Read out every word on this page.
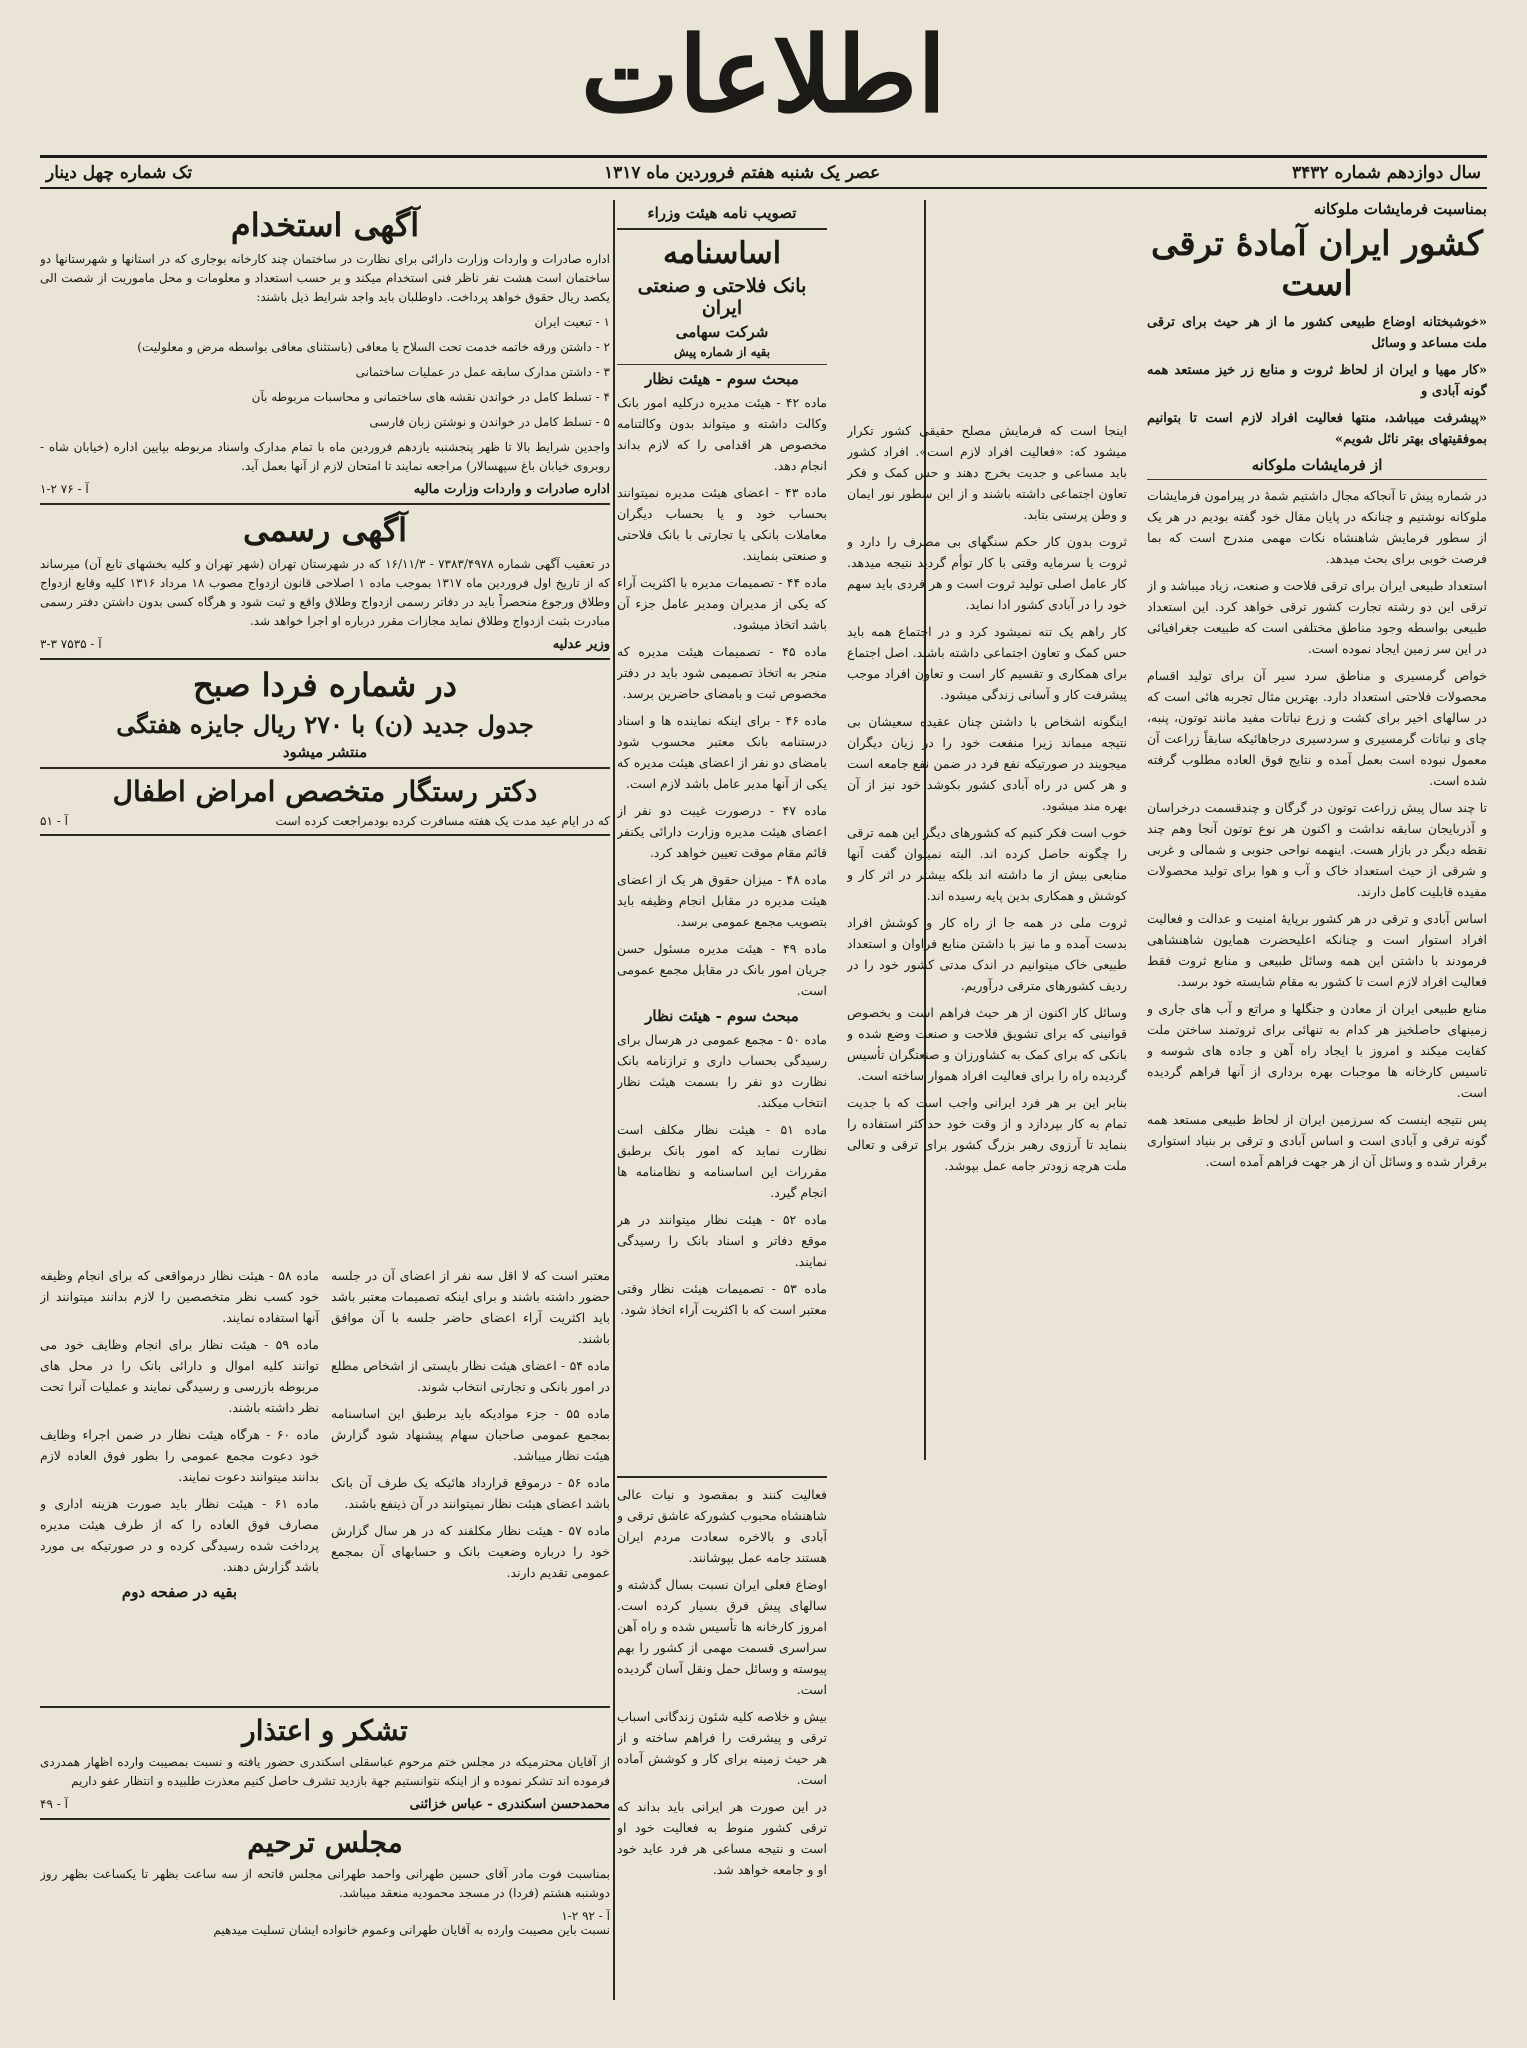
اطلاعات
سال دوازدهم شماره ۳۴۳۲
عصر یک شنبه هفتم فروردین ماه ۱۳۱۷
تک شماره چهل دینار
بمناسبت فرمایشات ملوکانه
کشور ایران آمادهٔ ترقی است

«خوشبختانه اوضاع طبیعی کشور ما از هر حیث برای ترقی ملت مساعد و وسائل

«کار مهیا و ایران از لحاظ ثروت و منابع زر خیز مستعد همه گونه آبادی و

«پیشرفت میباشد، منتها فعالیت افراد لازم است تا بتوانیم بموفقیتهای بهتر نائل شویم»

از فرمایشات ملوکانه

در شماره پیش تا آنجاکه مجال داشتیم شمهٔ در پیرامون فرمایشات ملوکانه نوشتیم و چنانکه در پایان مقال خود گفته بودیم در هر یک از سطور فرمایش شاهنشاه نکات مهمی مندرج است که بما فرصت خوبی برای بحث میدهد.

استعداد طبیعی ایران برای ترقی فلاحت و صنعت، زیاد میباشد و از ترقی این دو رشته تجارت کشور ترقی خواهد کرد. این استعداد طبیعی بواسطه وجود مناطق مختلفی است که طبیعت جغرافیائی در این سر زمین ایجاد نموده است.

خواص گرمسیری و مناطق سرد سیر آن برای تولید اقسام محصولات فلاحتی استعداد دارد. بهترین مثال تجربه هائی است که در سالهای اخیر برای کشت و زرع نباتات مفید مانند توتون، پنبه، چای و نباتات گرمسیری و سردسیری درجاهائیکه سابقاً زراعت آن معمول نبوده است بعمل آمده و نتایج فوق العاده مطلوب گرفته شده است.

تا چند سال پیش زراعت توتون در گرگان و چندقسمت درخراسان و آذربایجان سابقه نداشت و اکنون هر نوع توتون آنجا وهم چند نقطه دیگر در بازار هست. اینهمه نواحی جنوبی و شمالی و غربی و شرقی از حیث استعداد خاک و آب و هوا برای تولید محصولات مفیده قابلیت کامل دارند.

اساس آبادی و ترقی در هر کشور برپایهٔ امنیت و عدالت و فعالیت افراد استوار است و چنانکه اعلیحضرت همایون شاهنشاهی فرمودند با داشتن این همه وسائل طبیعی و منابع ثروت فقط فعالیت افراد لازم است تا کشور به مقام شایسته خود برسد.

منابع طبیعی ایران از معادن و جنگلها و مراتع و آب های جاری و زمینهای حاصلخیز هر کدام به تنهائی برای ثروتمند ساختن ملت کفایت میکند و امروز با ایجاد راه آهن و جاده های شوسه و تاسیس کارخانه ها موجبات بهره برداری از آنها فراهم گردیده است.

پس نتیجه اینست که سرزمین ایران از لحاظ طبیعی مستعد همه گونه ترقی و آبادی است و اساس آبادی و ترقی بر بنیاد استواری برقرار شده و وسائل آن از هر جهت فراهم آمده است.

اینجا است که فرمایش مصلح حقیقی کشور تکرار میشود که: «فعالیت افراد لازم است». افراد کشور باید مساعی و جدیت بخرج دهند و حس کمک و فکر تعاون اجتماعی داشته باشند و از این سطور نور ایمان و وطن پرستی بتابد.

ثروت بدون کار حکم سنگهای بی مصرف را دارد و ثروت یا سرمایه وقتی با کار توأم گردید نتیجه میدهد. کار عامل اصلی تولید ثروت است و هر فردی باید سهم خود را در آبادی کشور ادا نماید.

کار راهم یک تنه نمیشود کرد و در اجتماع همه باید حس کمک و تعاون اجتماعی داشته باشند. اصل اجتماع برای همکاری و تقسیم کار است و تعاون افراد موجب پیشرفت کار و آسانی زندگی میشود.

اینگونه اشخاص با داشتن چنان عقیده سعیشان بی نتیجه میماند زیرا منفعت خود را در زیان دیگران میجویند در صورتیکه نفع فرد در ضمن نفع جامعه است و هر کس در راه آبادی کشور بکوشد خود نیز از آن بهره مند میشود.

خوب است فکر کنیم که کشورهای دیگر این همه ترقی را چگونه حاصل کرده اند. البته نمیتوان گفت آنها منابعی بیش از ما داشته اند بلکه بیشتر در اثر کار و کوشش و همکاری بدین پایه رسیده اند.

ثروت ملی در همه جا از راه کار و کوشش افراد بدست آمده و ما نیز با داشتن منابع فراوان و استعداد طبیعی خاک میتوانیم در اندک مدتی کشور خود را در ردیف کشورهای مترقی درآوریم.

وسائل کار اکنون از هر حیث فراهم است و بخصوص قوانینی که برای تشویق فلاحت و صنعت وضع شده و بانکی که برای کمک به کشاورزان و صنعتگران تأسیس گردیده راه را برای فعالیت افراد هموار ساخته است.

بنابر این بر هر فرد ایرانی واجب است که با جدیت تمام به کار بپردازد و از وقت خود حداکثر استفاده را بنماید تا آرزوی رهبر بزرگ کشور برای ترقی و تعالی ملت هرچه زودتر جامه عمل بپوشد.

تصویب نامه هیئت وزراء
اساسنامه
بانک فلاحتی و صنعتی ایران
شرکت سهامی
بقیه از شماره پیش
مبحث سوم - هیئت نظار

ماده ۴۲ - هیئت مدیره درکلیه امور بانک وکالت داشته و میتواند بدون وکالتنامه مخصوص هر اقدامی را که لازم بداند انجام دهد.

ماده ۴۳ - اعضای هیئت مدیره نمیتوانند بحساب خود و یا بحساب دیگران معاملات بانکی یا تجارتی با بانک فلاحتی و صنعتی بنمایند.

ماده ۴۴ - تصمیمات مدیره با اکثریت آراء که یکی از مدیران ومدیر عامل جزء آن باشد اتخاذ میشود.

ماده ۴۵ - تصمیمات هیئت مدیره که منجر به اتخاذ تصمیمی شود باید در دفتر مخصوص ثبت و بامضای حاضرین برسد.

ماده ۴۶ - برای اینکه نماینده ها و اسناد درستنامه بانک معتبر محسوب شود بامضای دو نفر از اعضای هیئت مدیره که یکی از آنها مدیر عامل باشد لازم است.

ماده ۴۷ - درصورت غیبت دو نفر از اعضای هیئت مدیره وزارت دارائی یکنفر قائم مقام موقت تعیین خواهد کرد.

ماده ۴۸ - میزان حقوق هر یک از اعضای هیئت مدیره در مقابل انجام وظیفه باید بتصویب مجمع عمومی برسد.

ماده ۴۹ - هیئت مدیره مسئول حسن جریان امور بانک در مقابل مجمع عمومی است.

مبحث سوم - هیئت نظار

ماده ۵۰ - مجمع عمومی در هرسال برای رسیدگی بحساب داری و ترازنامه بانک نظارت دو نفر را بسمت هیئت نظار انتخاب میکند.

ماده ۵۱ - هیئت نظار مکلف است نظارت نماید که امور بانک برطبق مقررات این اساسنامه و نظامنامه ها انجام گیرد.

ماده ۵۲ - هیئت نظار میتوانند در هر موقع دفاتر و اسناد بانک را رسیدگی نمایند.

ماده ۵۳ - تصمیمات هیئت نظار وقتی معتبر است که با اکثریت آراء اتخاذ شود.

آگهی استخدام

اداره صادرات و واردات وزارت دارائی برای نظارت در ساختمان چند کارخانه بوجاری که در استانها و شهرستانها دو ساختمان است هشت نفر ناظر فنی استخدام میکند و بر حسب استعداد و معلومات و محل ماموریت از شصت الی یکصد ریال حقوق خواهد پرداخت. داوطلبان باید واجد شرایط ذیل باشند:

۱ - تبعیت ایران

۲ - داشتن ورقه خاتمه خدمت تحت السلاح یا معافی (باستثنای معافی بواسطه مرض و معلولیت)

۳ - داشتن مدارک سابقه عمل در عملیات ساختمانی

۴ - تسلط کامل در خواندن نقشه های ساختمانی و محاسبات مربوطه بآن

۵ - تسلط کامل در خواندن و نوشتن زبان فارسی

واجدین شرایط بالا تا ظهر پنجشنبه یازدهم فروردین ماه با تمام مدارک واسناد مربوطه بپایین اداره (خیابان شاه - روبروی خیابان باغ سپهسالار) مراجعه نمایند تا امتحان لازم از آنها بعمل آید.

اداره صادرات و واردات وزارت مالیه
آ - ۷۶ ۲-۱
آگهی رسمی

در تعقیب آگهی شماره ۷۳۸۳/۴۹۷۸ - ۱۶/۱۱/۳ که در شهرستان تهران (شهر تهران و کلیه بخشهای تابع آن) میرساند که از تاریخ اول فروردین ماه ۱۳۱۷ بموجب ماده ۱ اصلاحی قانون ازدواج مصوب ۱۸ مرداد ۱۳۱۶ کلیه وقایع ازدواج وطلاق ورجوع منحصراً باید در دفاتر رسمی ازدواج وطلاق واقع و ثبت شود و هرگاه کسی بدون داشتن دفتر رسمی مبادرت بثبت ازدواج وطلاق نماید مجازات مقرر درباره او اجرا خواهد شد.

وزیر عدلیه
آ - ۷۵۳۵ ۳-۳
در شماره فردا صبح
جدول جدید (ن) با ۲۷۰ ریال جایزه هفتگی
منتشر میشود
دکتر رستگار متخصص امراض اطفال
که در ایام عید مدت یک هفته مسافرت کرده بودمراجعت کرده است
آ - ۵۱

معتبر است که لا اقل سه نفر از اعضای آن در جلسه حضور داشته باشند و برای اینکه تصمیمات معتبر باشد باید اکثریت آراء اعضای حاضر جلسه با آن موافق باشند.

ماده ۵۴ - اعضای هیئت نظار بایستی از اشخاص مطلع در امور بانکی و تجارتی انتخاب شوند.

ماده ۵۵ - جزء موادیکه باید برطبق این اساسنامه بمجمع عمومی صاحبان سهام پیشنهاد شود گزارش هیئت نظار میباشد.

ماده ۵۶ - درموقع قرارداد هائیکه یک طرف آن بانک باشد اعضای هیئت نظار نمیتوانند در آن ذینفع باشند.

ماده ۵۷ - هیئت نظار مکلفند که در هر سال گزارش خود را درباره وضعیت بانک و حسابهای آن بمجمع عمومی تقدیم دارند.

ماده ۵۸ - هیئت نظار درمواقعی که برای انجام وظیفه خود کسب نظر متخصصین را لازم بدانند میتوانند از آنها استفاده نمایند.

ماده ۵۹ - هیئت نظار برای انجام وظایف خود می توانند کلیه اموال و دارائی بانک را در محل های مربوطه بازرسی و رسیدگی نمایند و عملیات آنرا تحت نظر داشته باشند.

ماده ۶۰ - هرگاه هیئت نظار در ضمن اجراء وظایف خود دعوت مجمع عمومی را بطور فوق العاده لازم بدانند میتوانند دعوت نمایند.

ماده ۶۱ - هیئت نظار باید صورت هزینه اداری و مصارف فوق العاده را که از طرف هیئت مدیره پرداخت شده رسیدگی کرده و در صورتیکه بی مورد باشد گزارش دهند.

بقیه در صفحه دوم
تشکر و اعتذار

از آقایان محترمیکه در مجلس ختم مرحوم عباسقلی اسکندری حضور یافته و نسبت بمصیبت وارده اظهار همدردی فرموده اند تشکر نموده و از اینکه نتوانستیم جهة بازدید تشرف حاصل کنیم معذرت طلبیده و انتظار عفو داریم

محمدحسن اسکندری - عباس خزائنی
آ - ۴۹
مجلس ترحیم

بمناسبت فوت مادر آقای حسین طهرانی واحمد طهرانی مجلس فاتحه از سه ساعت بظهر تا یکساعت بظهر روز دوشنبه هشتم (فردا) در مسجد محمودیه منعقد میباشد.

آ - ۹۲ ۲-۱
نسبت باین مصیبت وارده به آقایان طهرانی وعموم خانواده ایشان تسلیت میدهیم

فعالیت کنند و بمقصود و نیات عالی شاهنشاه محبوب کشورکه عاشق ترقی و آبادی و بالاخره سعادت مردم ایران هستند جامه عمل بپوشانند.

اوضاع فعلی ایران نسبت بسال گذشته و سالهای پیش فرق بسیار کرده است. امروز کارخانه ها تأسیس شده و راه آهن سراسری قسمت مهمی از کشور را بهم پیوسته و وسائل حمل ونقل آسان گردیده است.

بیش و خلاصه کلیه شئون زندگانی اسباب ترقی و پیشرفت را فراهم ساخته و از هر حیث زمینه برای کار و کوشش آماده است.

در این صورت هر ایرانی باید بداند که ترقی کشور منوط به فعالیت خود او است و نتیجه مساعی هر فرد عاید خود او و جامعه خواهد شد.
